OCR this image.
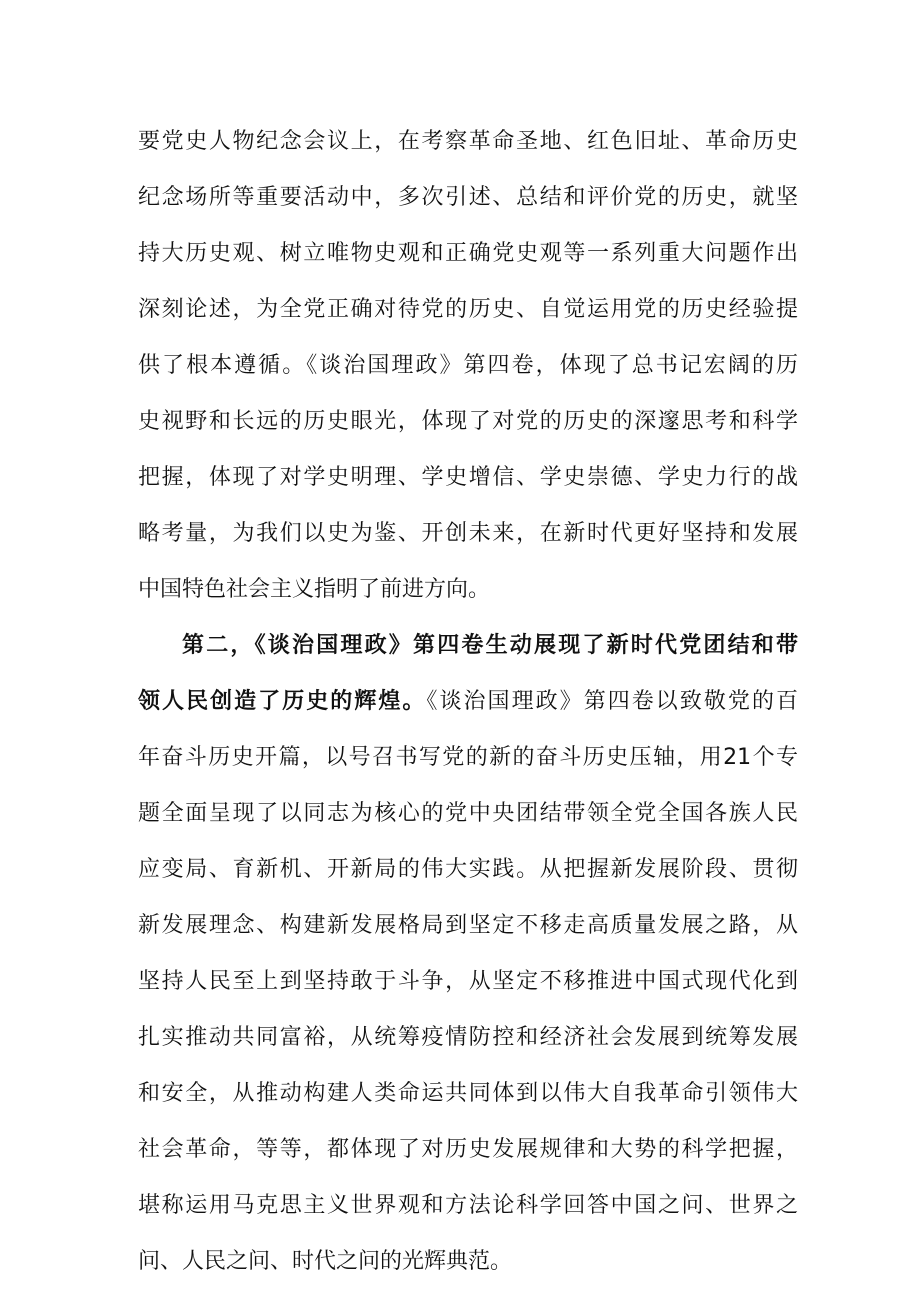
要党史人物纪念会议上，在考察革命圣地、红色旧址、革命历史
纪念场所等重要活动中，多次引述、总结和评价党的历史，就坚
持大历史观、树立唯物史观和正确党史观等一系列重大问题作出
深刻论述，为全党正确对待党的历史、自觉运用党的历史经验提
供了根本遵循。《谈治国理政》第四卷，体现了总书记宏阔的历
史视野和长远的历史眼光，体现了对党的历史的深邃思考和科学
把握，体现了对学史明理、学史增信、学史崇德、学史力行的战
略考量，为我们以史为鉴、开创未来，在新时代更好坚持和发展
中国特色社会主义指明了前进方向。
第二，《谈治国理政》第四卷生动展现了新时代党团结和带
领人民创造了历史的辉煌。《谈治国理政》第四卷以致敬党的百
年奋斗历史开篇，以号召书写党的新的奋斗历史压轴，用21个专
题全面呈现了以同志为核心的党中央团结带领全党全国各族人民
应变局、育新机、开新局的伟大实践。从把握新发展阶段、贯彻
新发展理念、构建新发展格局到坚定不移走高质量发展之路，从
坚持人民至上到坚持敢于斗争，从坚定不移推进中国式现代化到
扎实推动共同富裕，从统筹疫情防控和经济社会发展到统筹发展
和安全，从推动构建人类命运共同体到以伟大自我革命引领伟大
社会革命，等等，都体现了对历史发展规律和大势的科学把握，
堪称运用马克思主义世界观和方法论科学回答中国之问、世界之
问、人民之问、时代之问的光辉典范。
